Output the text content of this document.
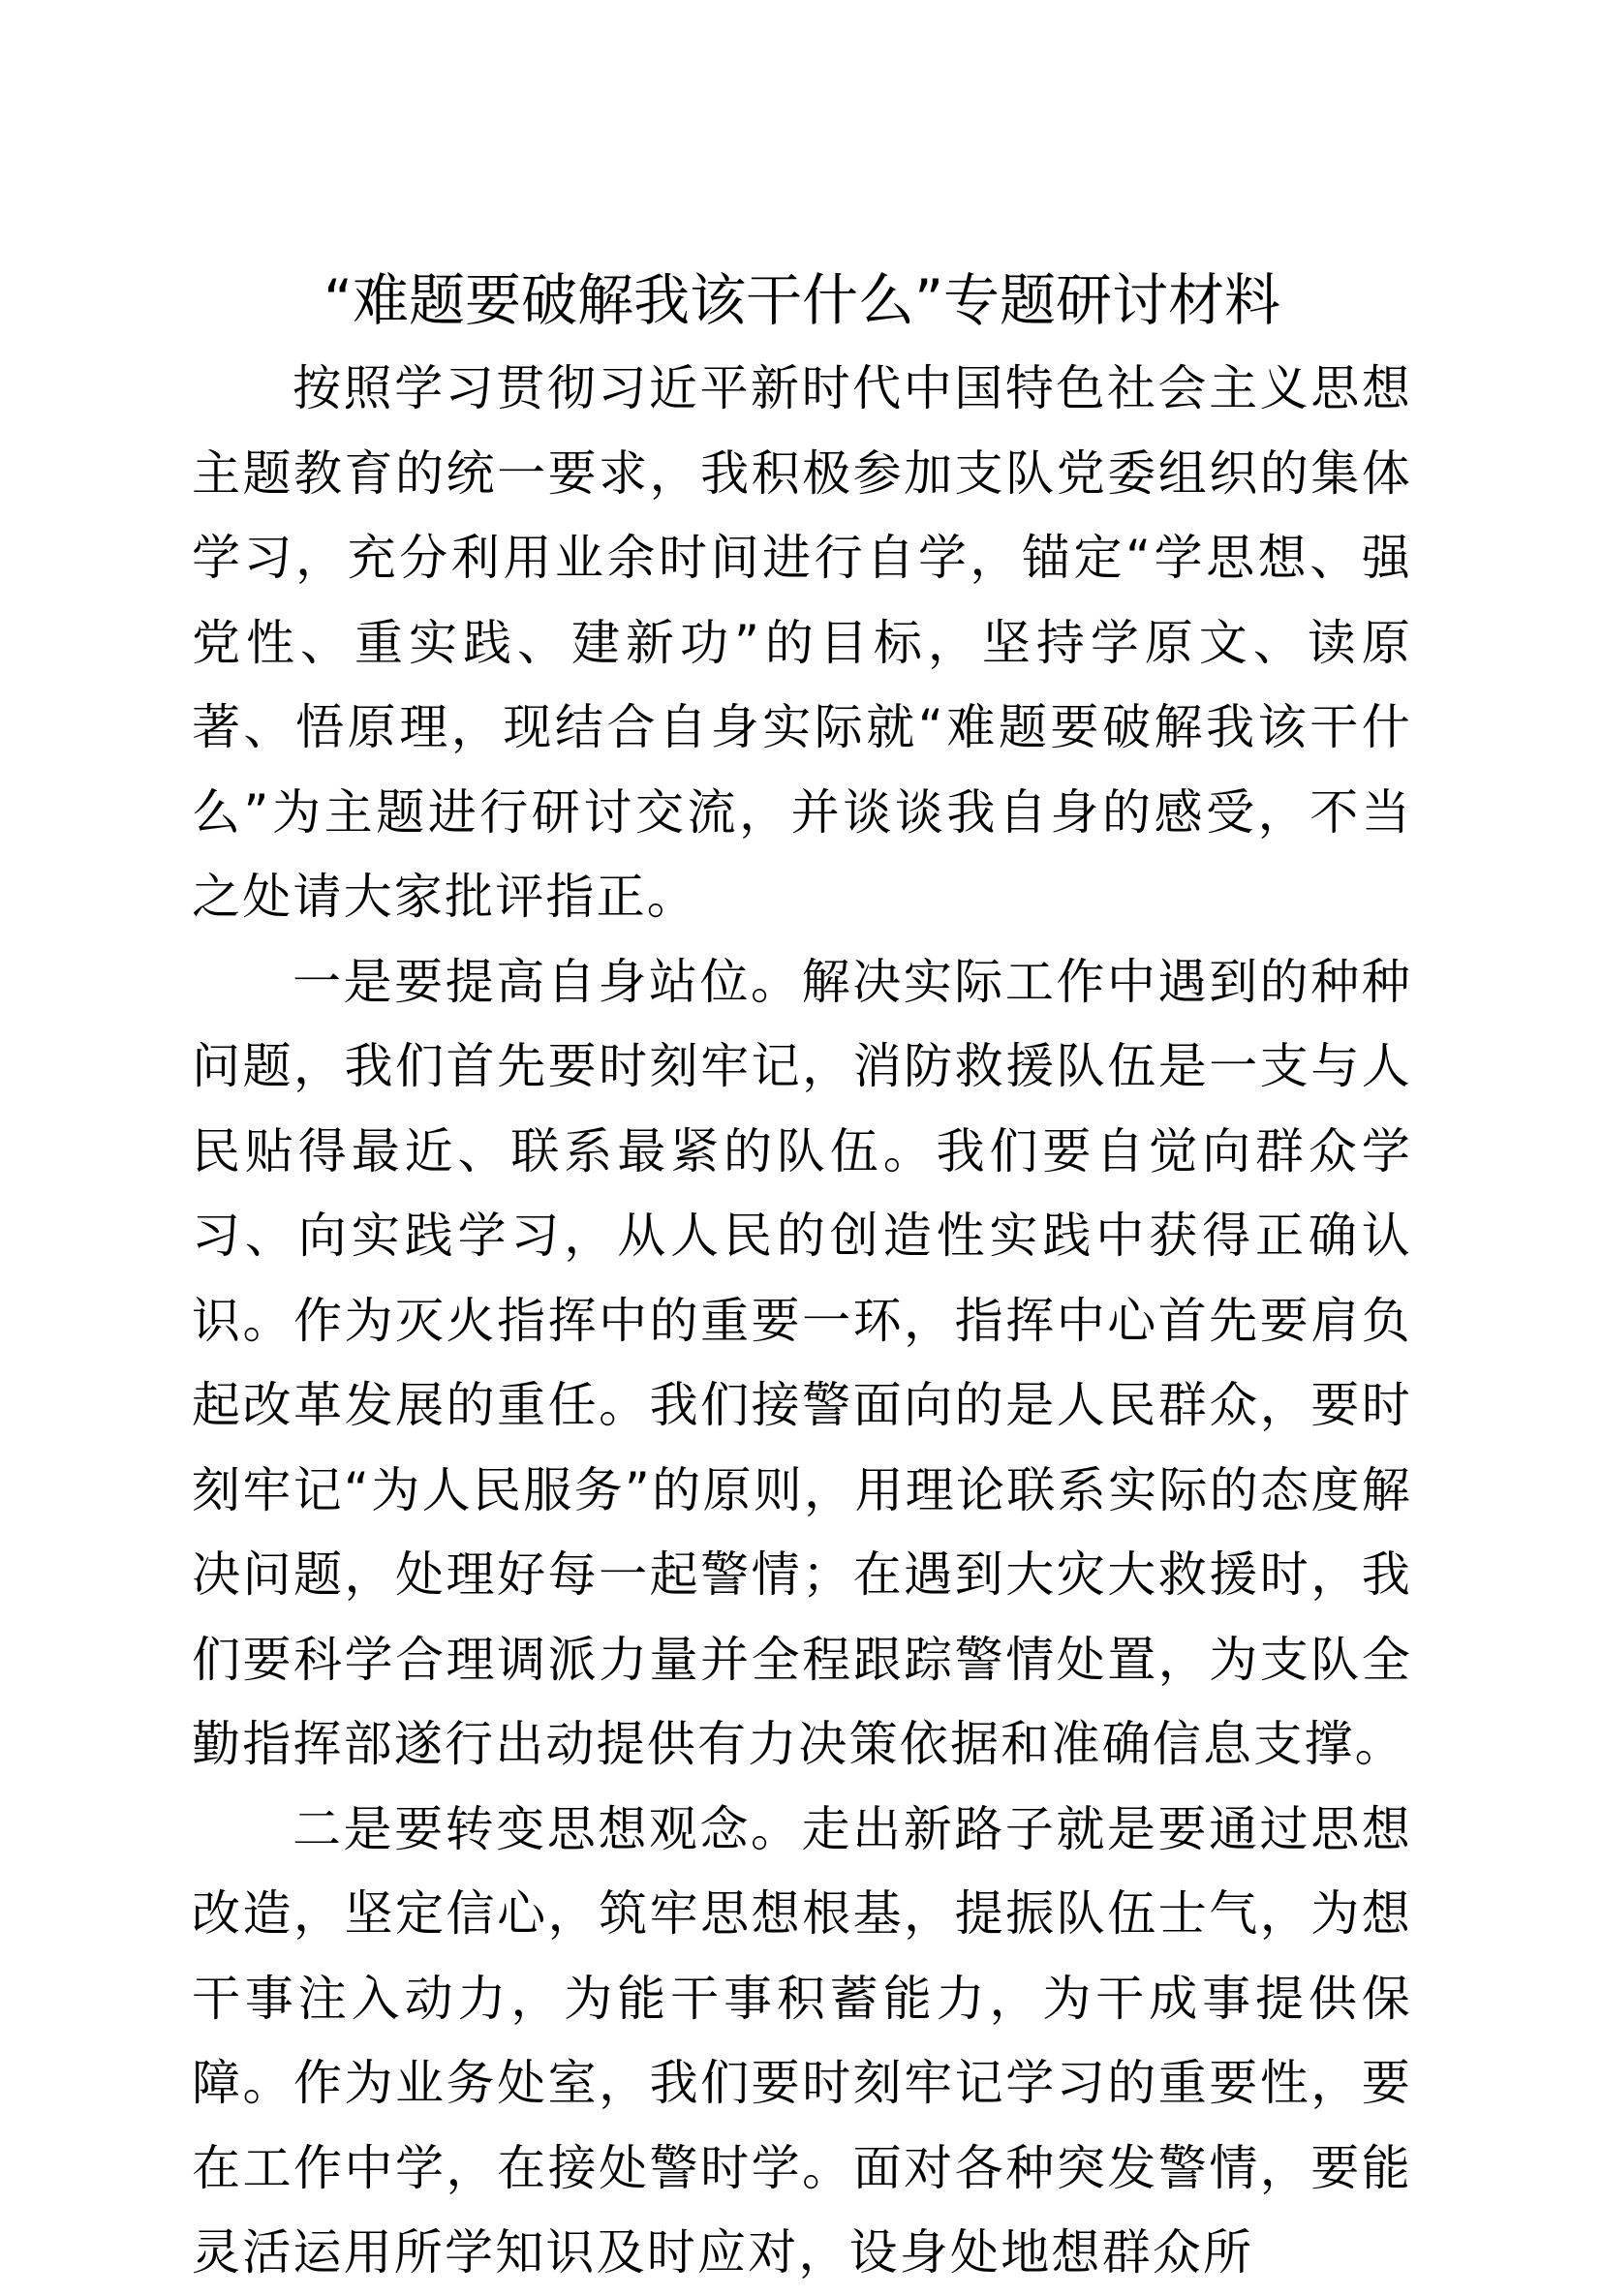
“难题要破解我该干什么”专题研讨材料

按照学习贯彻习近平新时代中国特色社会主义思想主题教育的统一要求，我积极参加支队党委组织的集体学习，充分利用业余时间进行自学，锚定“学思想、强党性、重实践、建新功”的目标，坚持学原文、读原著、悟原理，现结合自身实际就“难题要破解我该干什么”为主题进行研讨交流，并谈谈我自身的感受，不当之处请大家批评指正。

一是要提高自身站位。解决实际工作中遇到的种种问题，我们首先要时刻牢记，消防救援队伍是一支与人民贴得最近、联系最紧的队伍。我们要自觉向群众学习、向实践学习，从人民的创造性实践中获得正确认识。作为灭火指挥中的重要一环，指挥中心首先要肩负起改革发展的重任。我们接警面向的是人民群众，要时刻牢记“为人民服务”的原则，用理论联系实际的态度解决问题，处理好每一起警情；在遇到大灾大救援时，我们要科学合理调派力量并全程跟踪警情处置，为支队全勤指挥部遂行出动提供有力决策依据和准确信息支撑。

二是要转变思想观念。走出新路子就是要通过思想改造，坚定信心，筑牢思想根基，提振队伍士气，为想干事注入动力，为能干事积蓄能力，为干成事提供保障。作为业务处室，我们要时刻牢记学习的重要性，要在工作中学，在接处警时学。面对各种突发警情，要能灵活运用所学知识及时应对，设身处地想群众所
